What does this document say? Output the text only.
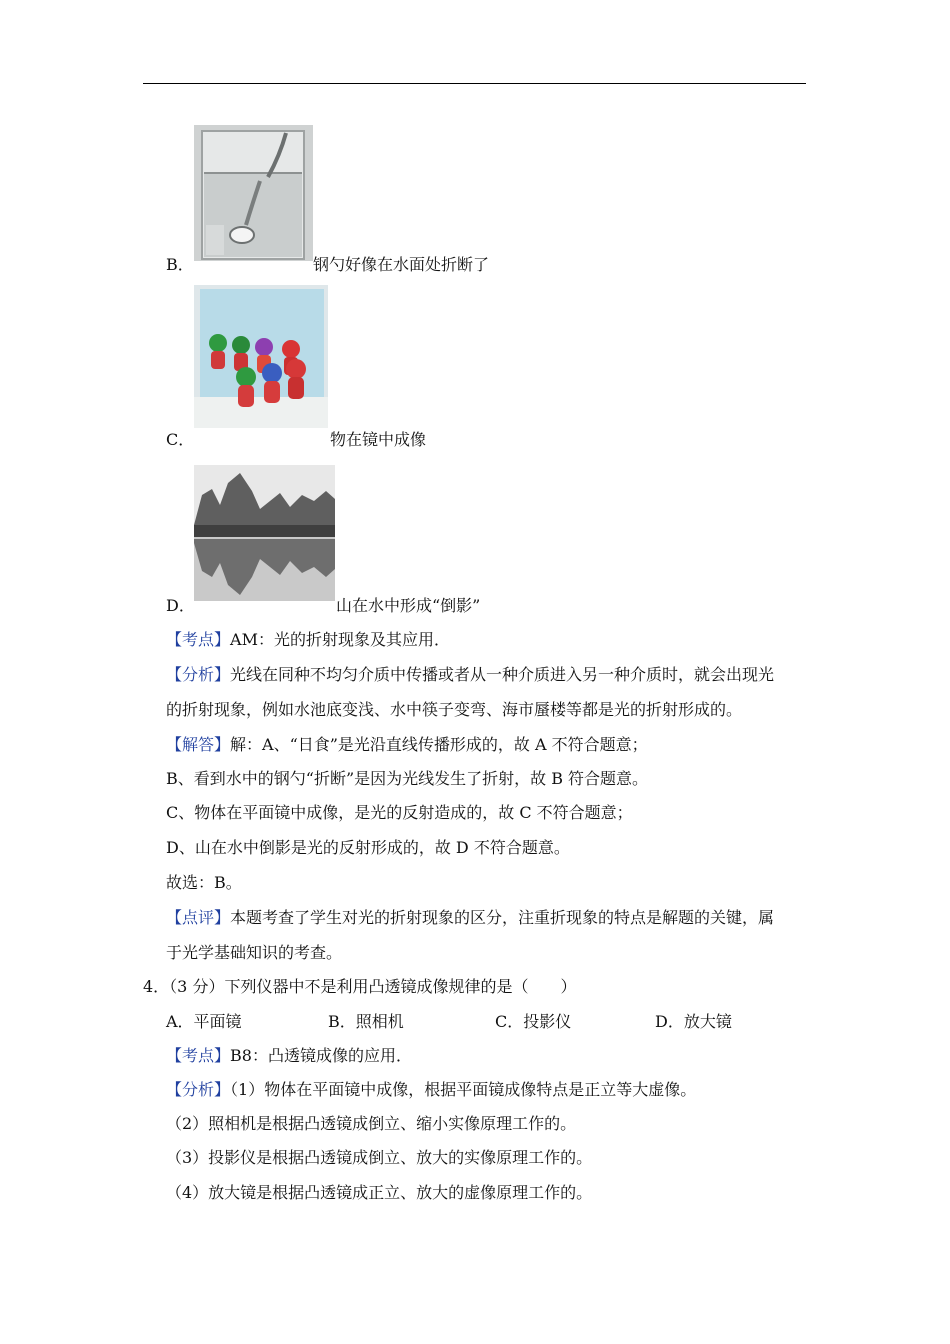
B．	钢勺好像在水面处折断了
C．	物在镜中成像
D．	山在水中形成“倒影”
【考点】AM：光的折射现象及其应用．
【分析】光线在同种不均匀介质中传播或者从一种介质进入另一种介质时，就会出现光
的折射现象，例如水池底变浅、水中筷子变弯、海市蜃楼等都是光的折射形成的。
【解答】解：A、“日食”是光沿直线传播形成的，故 A 不符合题意；
B、看到水中的钢勺“折断”是因为光线发生了折射，故 B 符合题意。
C、物体在平面镜中成像，是光的反射造成的，故 C 不符合题意；
D、山在水中倒影是光的反射形成的，故 D 不符合题意。
故选：B。
【点评】本题考查了学生对光的折射现象的区分，注重折现象的特点是解题的关键，属
于光学基础知识的考查。
4．（3 分）下列仪器中不是利用凸透镜成像规律的是（　　）
A．平面镜	B．照相机	C．投影仪	D．放大镜
【考点】B8：凸透镜成像的应用．
【分析】（1）物体在平面镜中成像，根据平面镜成像特点是正立等大虚像。
（2）照相机是根据凸透镜成倒立、缩小实像原理工作的。
（3）投影仪是根据凸透镜成倒立、放大的实像原理工作的。
（4）放大镜是根据凸透镜成正立、放大的虚像原理工作的。
